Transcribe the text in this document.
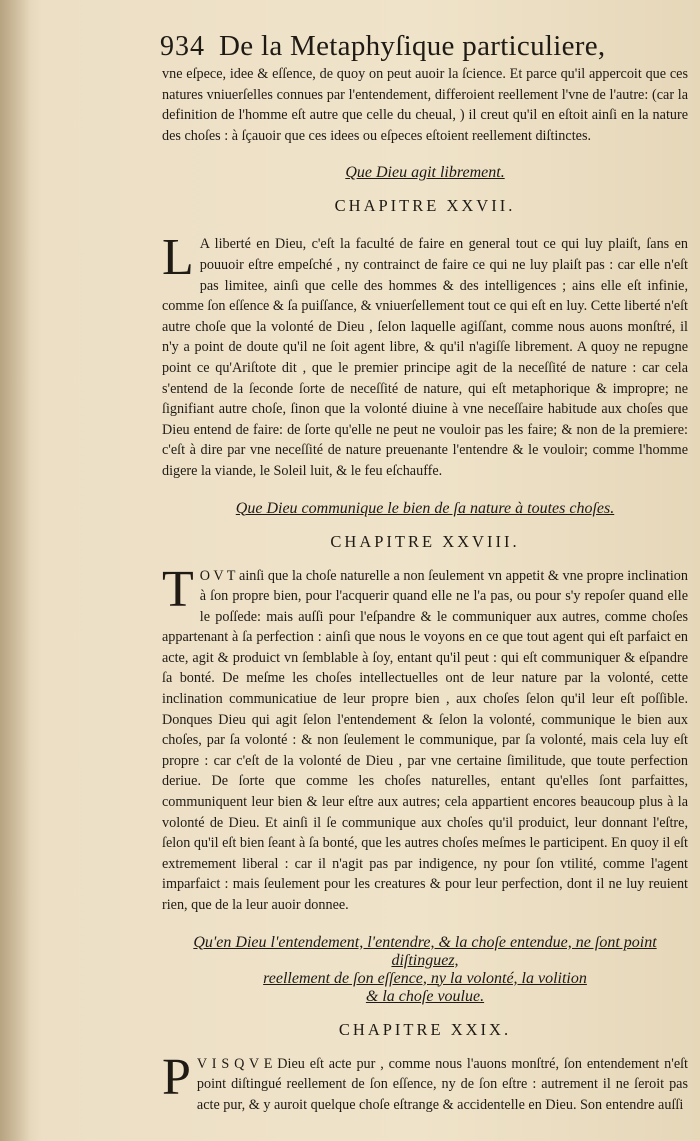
934 De la Metaphyſique particuliere,

vne eſpece, idee & eſſence, de quoy on peut auoir la ſcience. Et parce qu'il appercoit que ces natures vniuerſelles connues par l'entendement, differoient reellement l'vne de l'autre: (car la definition de l'homme eſt autre que celle du cheual, ) il creut qu'il en eſtoit ainſi en la nature des choſes : à ſçauoir que ces idees ou eſpeces eſtoient reellement diſtinctes.

Que Dieu agit librement.

CHAPITRE XXVII.

L A liberté en Dieu, c'eſt la faculté de faire en general tout ce qui luy plaiſt, ſans en pouuoir eſtre empeſché , ny contrainct de faire ce qui ne luy plaiſt pas : car elle n'eſt pas limitee, ainſi que celle des hommes & des intelligences ; ains elle eſt infinie, comme ſon eſſence & ſa puiſſance, & vniuerſellement tout ce qui eſt en luy. Cette liberté n'eſt autre choſe que la volonté de Dieu , ſelon laquelle agiſſant, comme nous auons monſtré, il n'y a point de doute qu'il ne ſoit agent libre, & qu'il n'agiſſe librement. A quoy ne repugne point ce qu'Ariſtote dit , que le premier principe agit de la neceſſité de nature : car cela s'entend de la ſeconde ſorte de neceſſité de nature, qui eſt metaphorique & impropre; ne ſignifiant autre choſe, ſinon que la volonté diuine à vne neceſſaire habitude aux choſes que Dieu entend de faire: de ſorte qu'elle ne peut ne vouloir pas les faire; & non de la premiere: c'eſt à dire par vne neceſſité de nature preuenante l'entendre & le vouloir; comme l'homme digere la viande, le Soleil luit, & le feu eſchauffe.

Que Dieu communique le bien de ſa nature à toutes choſes.

CHAPITRE XXVIII.

T O V T ainſi que la choſe naturelle a non ſeulement vn appetit & vne propre inclination à ſon propre bien, pour l'acquerir quand elle ne l'a pas, ou pour s'y repoſer quand elle le poſſede: mais auſſi pour l'eſpandre & le communiquer aux autres, comme choſes appartenant à ſa perfection : ainſi que nous le voyons en ce que tout agent qui eſt parfaict en acte, agit & produict vn ſemblable à ſoy, entant qu'il peut : qui eſt communiquer & eſpandre ſa bonté. De meſme les choſes intellectuelles ont de leur nature par la volonté, cette inclination communicatiue de leur propre bien , aux choſes ſelon qu'il leur eſt poſſible. Donques Dieu qui agit ſelon l'entendement & ſelon la volonté, communique le bien aux choſes, par ſa volonté : & non ſeulement le communique, par ſa volonté, mais cela luy eſt propre : car c'eſt de la volonté de Dieu , par vne certaine ſimilitude, que toute perfection deriue. De ſorte que comme les choſes naturelles, entant qu'elles ſont parfaittes, communiquent leur bien & leur eſtre aux autres; cela appartient encores beaucoup plus à la volonté de Dieu. Et ainſi il ſe communique aux choſes qu'il produict, leur donnant l'eſtre, ſelon qu'il eſt bien ſeant à ſa bonté, que les autres choſes meſmes le participent. En quoy il eſt extremement liberal : car il n'agit pas par indigence, ny pour ſon vtilité, comme l'agent imparfaict : mais ſeulement pour les creatures & pour leur perfection, dont il ne luy reuient rien, que de la leur auoir donnee.

Qu'en Dieu l'entendement, l'entendre, & la choſe entendue, ne ſont point diſtinguez,

reellement de ſon eſſence, ny la volonté, la volition

& la choſe voulue.

CHAPITRE XXIX.

P V I S Q V E Dieu eſt acte pur , comme nous l'auons monſtré, ſon entendement n'eſt point diſtingué reellement de ſon eſſence, ny de ſon eſtre : autrement il ne ſeroit pas acte pur, & y auroit quelque choſe eſtrange & accidentelle en Dieu. Son entendre auſſi
